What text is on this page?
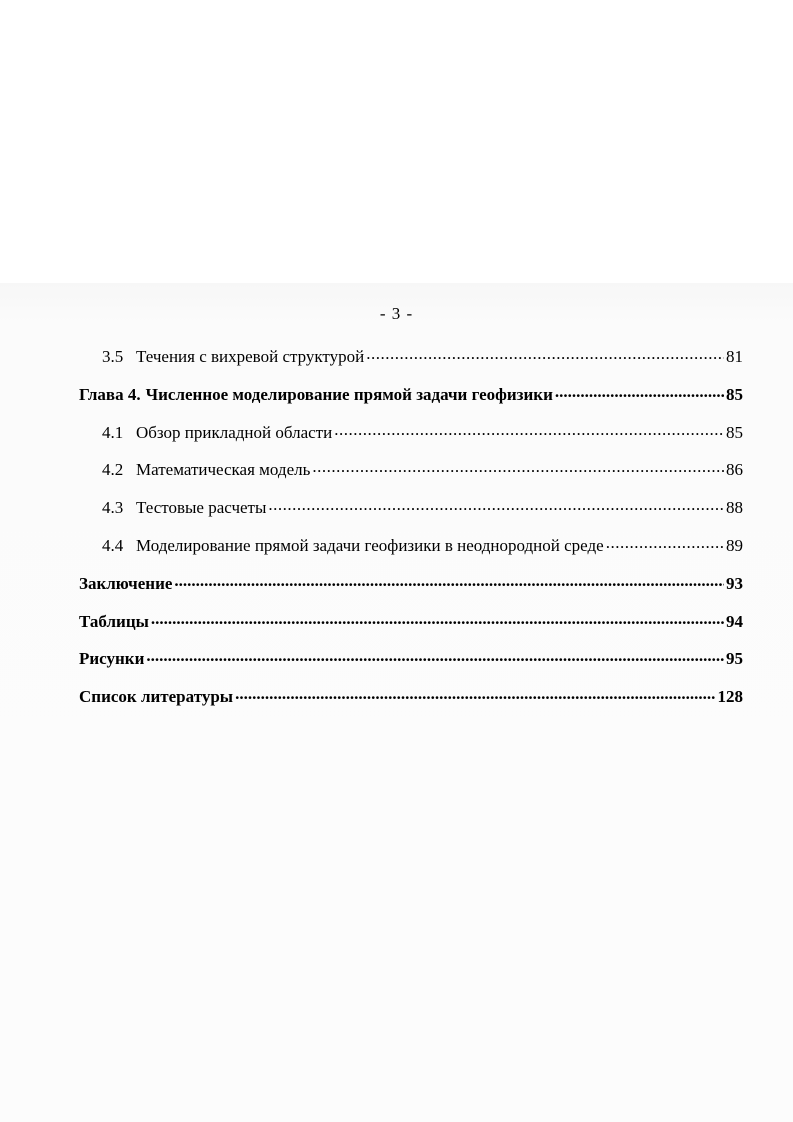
- 3 -
3.5 Течения с вихревой структурой .....	81
Глава 4. Численное моделирование прямой задачи геофизики .....	85
4.1 Обзор прикладной области .....	85
4.2 Математическая модель .....	86
4.3 Тестовые расчеты .....	88
4.4 Моделирование прямой задачи геофизики в неоднородной среде .....	89
Заключение .....	93
Таблицы .....	94
Рисунки .....	95
Список литературы .....	128
